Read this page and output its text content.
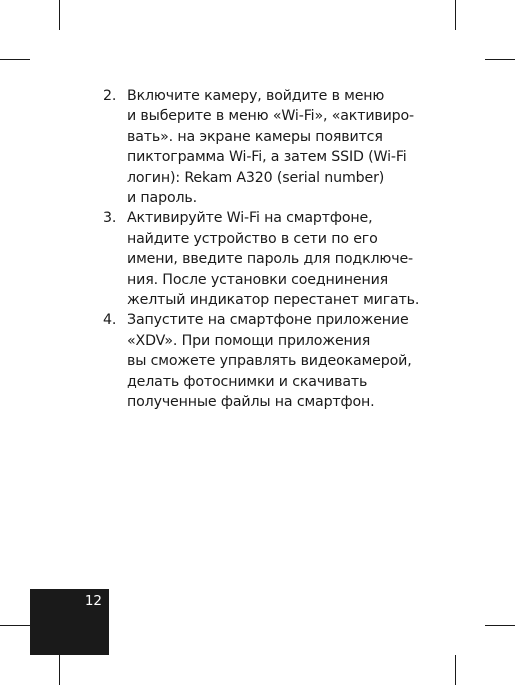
2. Включите камеру, войдите в меню
и выберите в меню «Wi-Fi», «активиро-
вать». на экране камеры появится
пиктограмма Wi-Fi, а затем SSID (Wi-Fi
логин): Rekam A320 (serial number)
и пароль.
3. Активируйте Wi-Fi на смартфоне,
найдите устройство в сети по его
имени, введите пароль для подключе-
ния. После установки соеднинения
желтый индикатор перестанет мигать.
4. Запустите на смартфоне приложение
«XDV». При помощи приложения
вы сможете управлять видеокамерой,
делать фотоснимки и скачивать
полученные файлы на смартфон.
12
